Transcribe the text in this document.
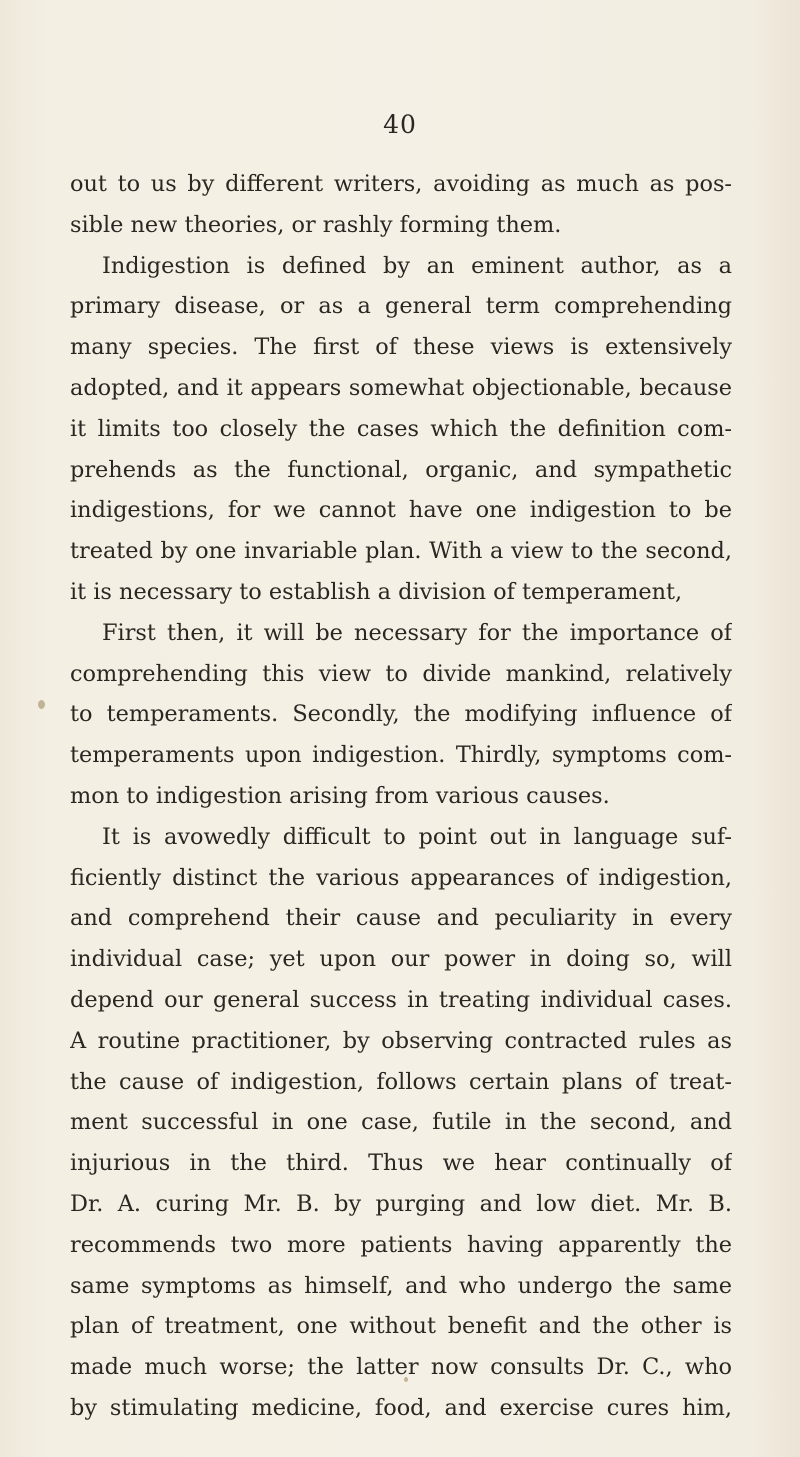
40
out to us by different writers, avoiding as much as pos-
sible new theories, or rashly forming them.
Indigestion is defined by an eminent author, as a
primary disease, or as a general term comprehending
many species. The first of these views is extensively
adopted, and it appears somewhat objectionable, because
it limits too closely the cases which the definition com-
prehends as the functional, organic, and sympathetic
indigestions, for we cannot have one indigestion to be
treated by one invariable plan. With a view to the second,
it is necessary to establish a division of temperament,
First then, it will be necessary for the importance of
comprehending this view to divide mankind, relatively
to temperaments. Secondly, the modifying influence of
temperaments upon indigestion. Thirdly, symptoms com-
mon to indigestion arising from various causes.
It is avowedly difficult to point out in language suf-
ficiently distinct the various appearances of indigestion,
and comprehend their cause and peculiarity in every
individual case; yet upon our power in doing so, will
depend our general success in treating individual cases.
A routine practitioner, by observing contracted rules as
the cause of indigestion, follows certain plans of treat-
ment successful in one case, futile in the second, and
injurious in the third. Thus we hear continually of
Dr. A. curing Mr. B. by purging and low diet. Mr. B.
recommends two more patients having apparently the
same symptoms as himself, and who undergo the same
plan of treatment, one without benefit and the other is
made much worse; the latter now consults Dr. C., who
by stimulating medicine, food, and exercise cures him,
